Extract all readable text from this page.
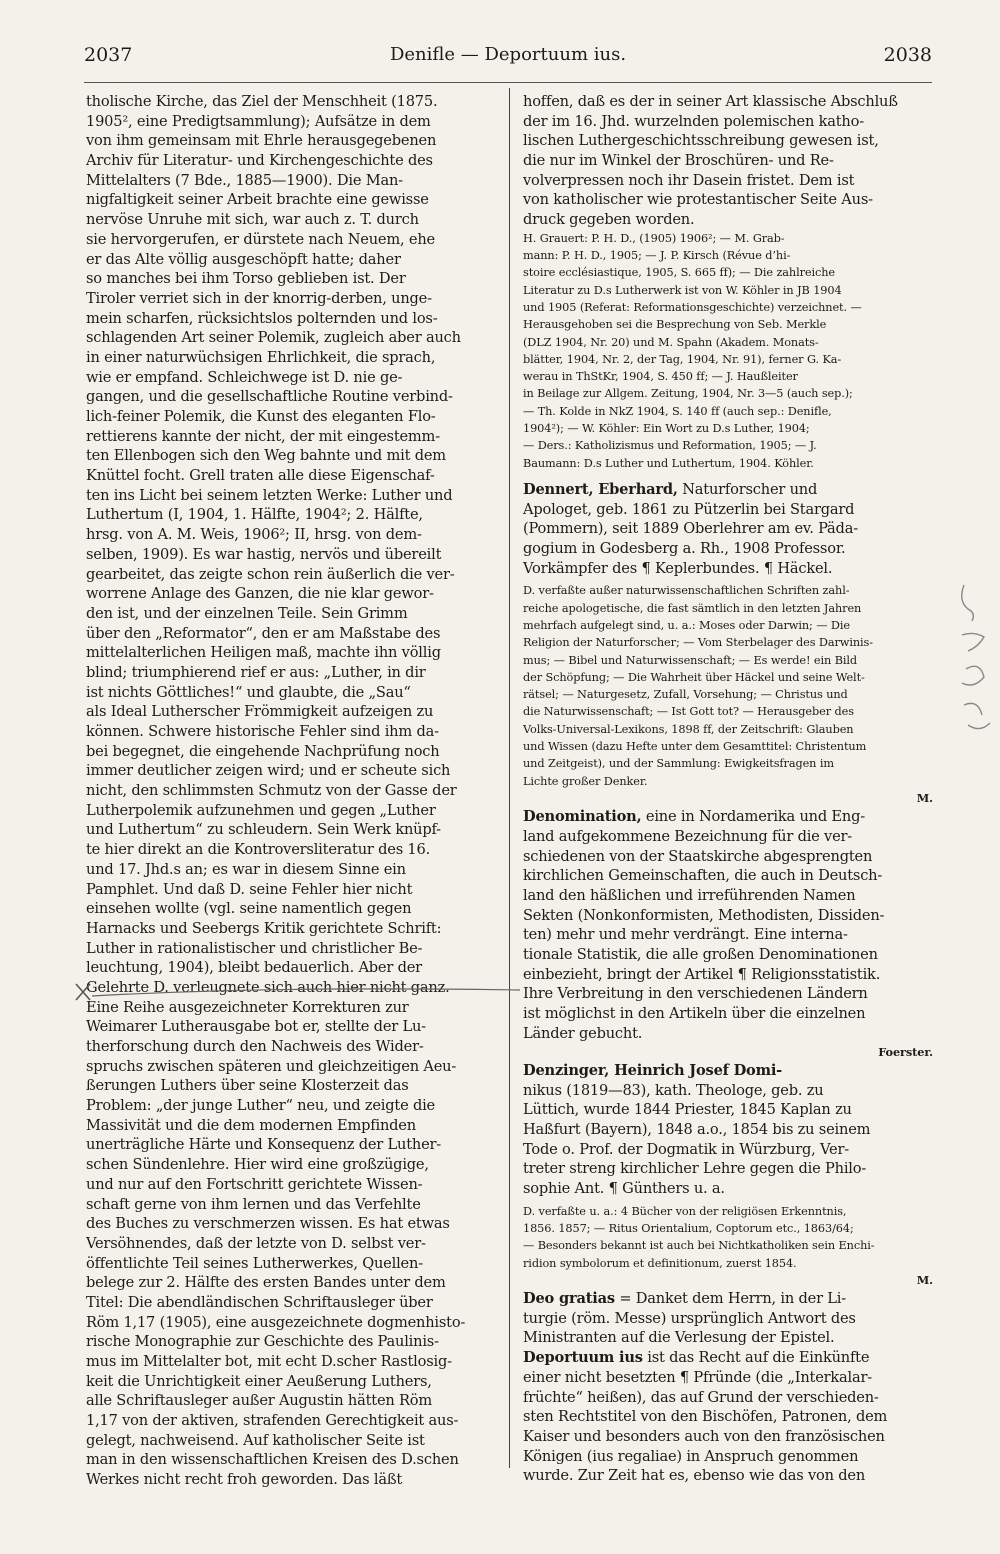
2037	Denifle — Deportuum ius.	2038
tholische Kirche, das Ziel der Menschheit (1875.
1905², eine Predigtsammlung); Aufsätze in dem
von ihm gemeinsam mit Ehrle herausgegebenen
Archiv für Literatur- und Kirchengeschichte des
Mittelalters (7 Bde., 1885—1900). Die Man-
nigfaltigkeit seiner Arbeit brachte eine gewisse
nervöse Unruhe mit sich, war auch z. T. durch
sie hervorgerufen, er dürstete nach Neuem, ehe
er das Alte völlig ausgeschöpft hatte; daher
so manches bei ihm Torso geblieben ist. Der
Tiroler verriet sich in der knorrig-derben, unge-
mein scharfen, rücksichtslos polternden und los-
schlagenden Art seiner Polemik, zugleich aber auch
in einer naturwüchsigen Ehrlichkeit, die sprach,
wie er empfand. Schleichwege ist D. nie ge-
gangen, und die gesellschaftliche Routine verbind-
lich-feiner Polemik, die Kunst des eleganten Flo-
rettierens kannte der nicht, der mit eingestemm-
ten Ellenbogen sich den Weg bahnte und mit dem
Knüttel focht. Grell traten alle diese Eigenschaf-
ten ins Licht bei seinem letzten Werke: Luther und
Luthertum (I, 1904, 1. Hälfte, 1904²; 2. Hälfte,
hrsg. von A. M. Weis, 1906²; II, hrsg. von dem-
selben, 1909). Es war hastig, nervös und übereilt
gearbeitet, das zeigte schon rein äußerlich die ver-
worrene Anlage des Ganzen, die nie klar gewor-
den ist, und der einzelnen Teile. Sein Grimm
über den „Reformator“, den er am Maßstabe des
mittelalterlichen Heiligen maß, machte ihn völlig
blind; triumphierend rief er aus: „Luther, in dir
ist nichts Göttliches!“ und glaubte, die „Sau“
als Ideal Lutherscher Frömmigkeit aufzeigen zu
können. Schwere historische Fehler sind ihm da-
bei begegnet, die eingehende Nachprüfung noch
immer deutlicher zeigen wird; und er scheute sich
nicht, den schlimmsten Schmutz von der Gasse der
Lutherpolemik aufzunehmen und gegen „Luther
und Luthertum“ zu schleudern. Sein Werk knüpf-
te hier direkt an die Kontroversliteratur des 16.
und 17. Jhd.s an; es war in diesem Sinne ein
Pamphlet. Und daß D. seine Fehler hier nicht
einsehen wollte (vgl. seine namentlich gegen
Harnacks und Seebergs Kritik gerichtete Schrift:
Luther in rationalistischer und christlicher Be-
leuchtung, 1904), bleibt bedauerlich. Aber der
Gelehrte D. verleugnete sich auch hier nicht ganz.
Eine Reihe ausgezeichneter Korrekturen zur
Weimarer Lutherausgabe bot er, stellte der Lu-
therforschung durch den Nachweis des Wider-
spruchs zwischen späteren und gleichzeitigen Aeu-
ßerungen Luthers über seine Klosterzeit das
Problem: „der junge Luther“ neu, und zeigte die
Massivität und die dem modernen Empfinden
unerträgliche Härte und Konsequenz der Luther-
schen Sündenlehre. Hier wird eine großzügige,
und nur auf den Fortschritt gerichtete Wissen-
schaft gerne von ihm lernen und das Verfehlte
des Buches zu verschmerzen wissen. Es hat etwas
Versöhnendes, daß der letzte von D. selbst ver-
öffentlichte Teil seines Lutherwerkes, Quellen-
belege zur 2. Hälfte des ersten Bandes unter dem
Titel: Die abendländischen Schriftausleger über
Röm 1,17 (1905), eine ausgezeichnete dogmenhisto-
rische Monographie zur Geschichte des Paulinis-
mus im Mittelalter bot, mit echt D.scher Rastlosig-
keit die Unrichtigkeit einer Aeußerung Luthers,
alle Schriftausleger außer Augustin hätten Röm
1,17 von der aktiven, strafenden Gerechtigkeit aus-
gelegt, nachweisend. Auf katholischer Seite ist
man in den wissenschaftlichen Kreisen des D.schen
Werkes nicht recht froh geworden. Das läßt
hoffen, daß es der in seiner Art klassische Abschluß
der im 16. Jhd. wurzelnden polemischen katho-
lischen Luthergeschichtsschreibung gewesen ist,
die nur im Winkel der Broschüren- und Re-
volverpressen noch ihr Dasein fristet. Dem ist
von katholischer wie protestantischer Seite Aus-
druck gegeben worden.
H. Grauert: P. H. D., (1905) 1906²; — M. Grab-
mann: P. H. D., 1905; — J. P. Kirsch (Révue d’hi-
stoire ecclésiastique, 1905, S. 665 ff); — Die zahlreiche
Literatur zu D.s Lutherwerk ist von W. Köhler in JB 1904
und 1905 (Referat: Reformationsgeschichte) verzeichnet. —
Herausgehoben sei die Besprechung von Seb. Merkle
(DLZ 1904, Nr. 20) und M. Spahn (Akadem. Monats-
blätter, 1904, Nr. 2, der Tag, 1904, Nr. 91), ferner G. Ka-
werau in ThStKr, 1904, S. 450 ff; — J. Haußleiter
in Beilage zur Allgem. Zeitung, 1904, Nr. 3—5 (auch sep.);
— Th. Kolde in NkZ 1904, S. 140 ff (auch sep.: Denifle,
1904²); — W. Köhler: Ein Wort zu D.s Luther, 1904;
— Ders.: Katholizismus und Reformation, 1905; — J.
Baumann: D.s Luther und Luthertum, 1904. Köhler.
Dennert, Eberhard, Naturforscher und
Apologet, geb. 1861 zu Pützerlin bei Stargard
(Pommern), seit 1889 Oberlehrer am ev. Päda-
gogium in Godesberg a. Rh., 1908 Professor.
Vorkämpfer des ¶ Keplerbundes. ¶ Häckel.
D. verfaßte außer naturwissenschaftlichen Schriften zahl-
reiche apologetische, die fast sämtlich in den letzten Jahren
mehrfach aufgelegt sind, u. a.: Moses oder Darwin; — Die
Religion der Naturforscher; — Vom Sterbelager des Darwinis-
mus; — Bibel und Naturwissenschaft; — Es werde! ein Bild
der Schöpfung; — Die Wahrheit über Häckel und seine Welt-
rätsel; — Naturgesetz, Zufall, Vorsehung; — Christus und
die Naturwissenschaft; — Ist Gott tot? — Herausgeber des
Volks-Universal-Lexikons, 1898 ff, der Zeitschrift: Glauben
und Wissen (dazu Hefte unter dem Gesamttitel: Christentum
und Zeitgeist), und der Sammlung: Ewigkeitsfragen im
Lichte großer Denker.
M.
Denomination, eine in Nordamerika und Eng-
land aufgekommene Bezeichnung für die ver-
schiedenen von der Staatskirche abgesprengten
kirchlichen Gemeinschaften, die auch in Deutsch-
land den häßlichen und irreführenden Namen
Sekten (Nonkonformisten, Methodisten, Dissiden-
ten) mehr und mehr verdrängt. Eine interna-
tionale Statistik, die alle großen Denominationen
einbezieht, bringt der Artikel ¶ Religionsstatistik.
Ihre Verbreitung in den verschiedenen Ländern
ist möglichst in den Artikeln über die einzelnen
Länder gebucht.
Foerster.
Denzinger, Heinrich Josef Domi-
nikus (1819—83), kath. Theologe, geb. zu
Lüttich, wurde 1844 Priester, 1845 Kaplan zu
Haßfurt (Bayern), 1848 a.o., 1854 bis zu seinem
Tode o. Prof. der Dogmatik in Würzburg, Ver-
treter streng kirchlicher Lehre gegen die Philo-
sophie Ant. ¶ Günthers u. a.
D. verfaßte u. a.: 4 Bücher von der religiösen Erkenntnis,
1856. 1857; — Ritus Orientalium, Coptorum etc., 1863/64;
— Besonders bekannt ist auch bei Nichtkatholiken sein Enchi-
ridion symbolorum et definitionum, zuerst 1854.
M.
Deo gratias = Danket dem Herrn, in der Li-
turgie (röm. Messe) ursprünglich Antwort des
Ministranten auf die Verlesung der Epistel.
Deportuum ius ist das Recht auf die Einkünfte
einer nicht besetzten ¶ Pfründe (die „Interkalar-
früchte“ heißen), das auf Grund der verschieden-
sten Rechtstitel von den Bischöfen, Patronen, dem
Kaiser und besonders auch von den französischen
Königen (ius regaliae) in Anspruch genommen
wurde. Zur Zeit hat es, ebenso wie das von den
